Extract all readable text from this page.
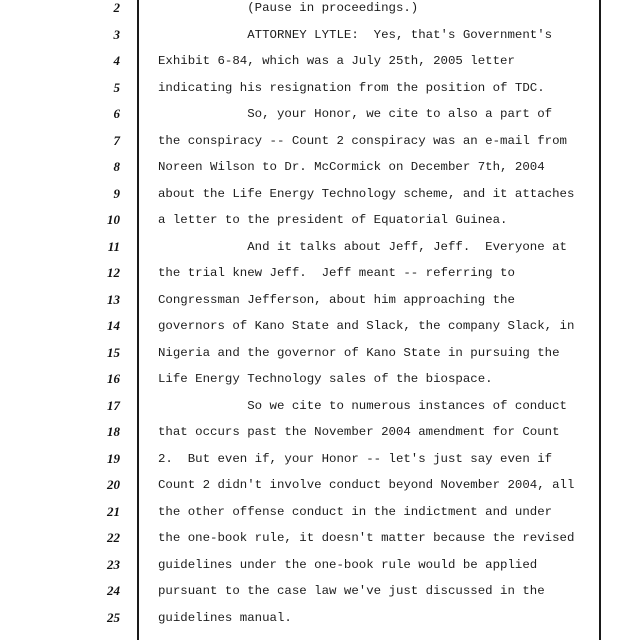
2	(Pause in proceedings.)
3	ATTORNEY LYTLE:  Yes, that's Government's
4	Exhibit 6-84, which was a July 25th, 2005 letter
5	indicating his resignation from the position of TDC.
6	So, your Honor, we cite to also a part of
7	the conspiracy -- Count 2 conspiracy was an e-mail from
8	Noreen Wilson to Dr. McCormick on December 7th, 2004
9	about the Life Energy Technology scheme, and it attaches
10	a letter to the president of Equatorial Guinea.
11	And it talks about Jeff, Jeff.  Everyone at
12	the trial knew Jeff.  Jeff meant -- referring to
13	Congressman Jefferson, about him approaching the
14	governors of Kano State and Slack, the company Slack, in
15	Nigeria and the governor of Kano State in pursuing the
16	Life Energy Technology sales of the biospace.
17	So we cite to numerous instances of conduct
18	that occurs past the November 2004 amendment for Count
19	2.  But even if, your Honor -- let's just say even if
20	Count 2 didn't involve conduct beyond November 2004, all
21	the other offense conduct in the indictment and under
22	the one-book rule, it doesn't matter because the revised
23	guidelines under the one-book rule would be applied
24	pursuant to the case law we've just discussed in the
25	guidelines manual.
